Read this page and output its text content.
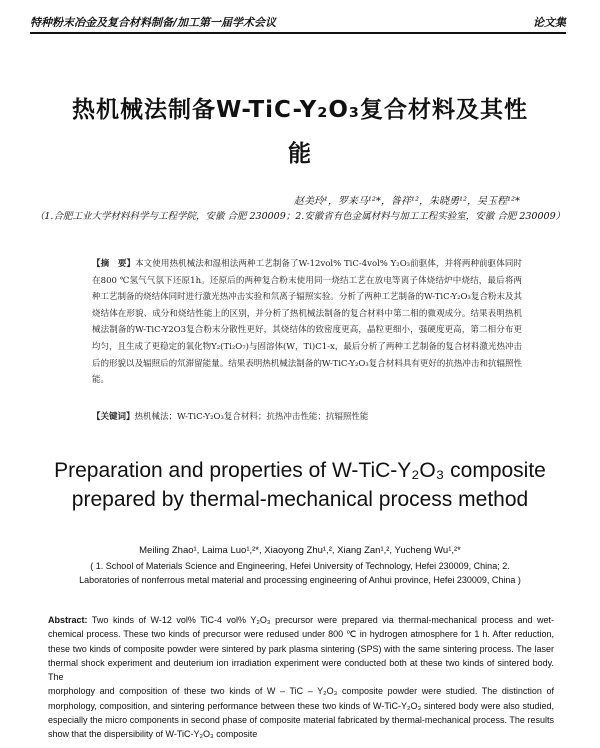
特种粉末冶金及复合材料制备/加工第一届学术会议	论文集
热机械法制备W-TiC-Y₂O₃复合材料及其性
能
赵美玲¹，罗来马¹²*，昝祥¹²，朱晓勇¹²，吴玉程¹²*
（1.合肥工业大学材料科学与工程学院，安徽 合肥 230009；2.安徽省有色金属材料与加工工程实验室，安徽 合肥 230009）
【摘　要】本文使用热机械法和湿相法两种工艺制备了W-12vol% TiC-4vol% Y₂O₃前驱体，并将两种前驱体同时在800 ℃氢气气氛下还原1h。还原后的两种复合粉末使用同一烧结工艺在放电等离子体烧结炉中烧结，最后将两种工艺制备的烧结体同时进行激光热冲击实验和氘离子辐照实验。分析了两种工艺制备的W-TiC-Y₂O₃复合粉末及其烧结体在形貌、成分和烧结性能上的区别，并分析了热机械法制备的复合材料中第二相的微观成分。结果表明热机械法制备的W-TiC-Y2O3复合粉末分散性更好，其烧结体的致密度更高，晶粒更细小，强硬度更高，第二相分布更均匀，且生成了更稳定的氧化物Y₂(Ti₂O₇)与固溶体(W，Ti)C1-x，最后分析了两种工艺制备的复合材料激光热冲击后的形貌以及辐照后的氘滞留能量。结果表明热机械法制备的W-TiC-Y₂O₃复合材料具有更好的抗热冲击和抗辐照性能。
【关键词】热机械法；W-TiC-Y₂O₃复合材料；抗热冲击性能；抗辐照性能
Preparation and properties of W-TiC-Y₂O₃ composite
prepared by thermal-mechanical process method
Meiling Zhao¹, Laima Luo¹,²*, Xiaoyong Zhu¹,², Xiang Zan¹,², Yucheng Wu¹,²*
( 1. School of Materials Science and Engineering, Hefei University of Technology, Hefei 230009, China; 2.
Laboratories of nonferrous metal material and processing engineering of Anhui province, Hefei 230009, China )

Abstract: Two kinds of W-12 vol% TiC-4 vol% Y₂O₃ precursor were prepared via thermal-mechanical process and wet-chemical process. These two kinds of precursor were redused under 800 ℃ in hydrogen atmosphere for 1 h. After reduction, these two kinds of composite powder were sintered by park plasma sintering (SPS) with the same sintering process. The laser thermal shock experiment and deuterium ion irradiation experiment were conducted both at these two kinds of sintered body. The

morphology and composition of these two kinds of W – TiC – Y₂O₃ composite powder were studied. The distinction of morphology, composition, and sintering performance between these two kinds of W-TiC-Y₂O₃ sintered body were also studied, especially the micro components in second phase of composite material fabricated by thermal-mechanical process. The results show that the dispersibility of W-TiC-Y₂O₃ composite
